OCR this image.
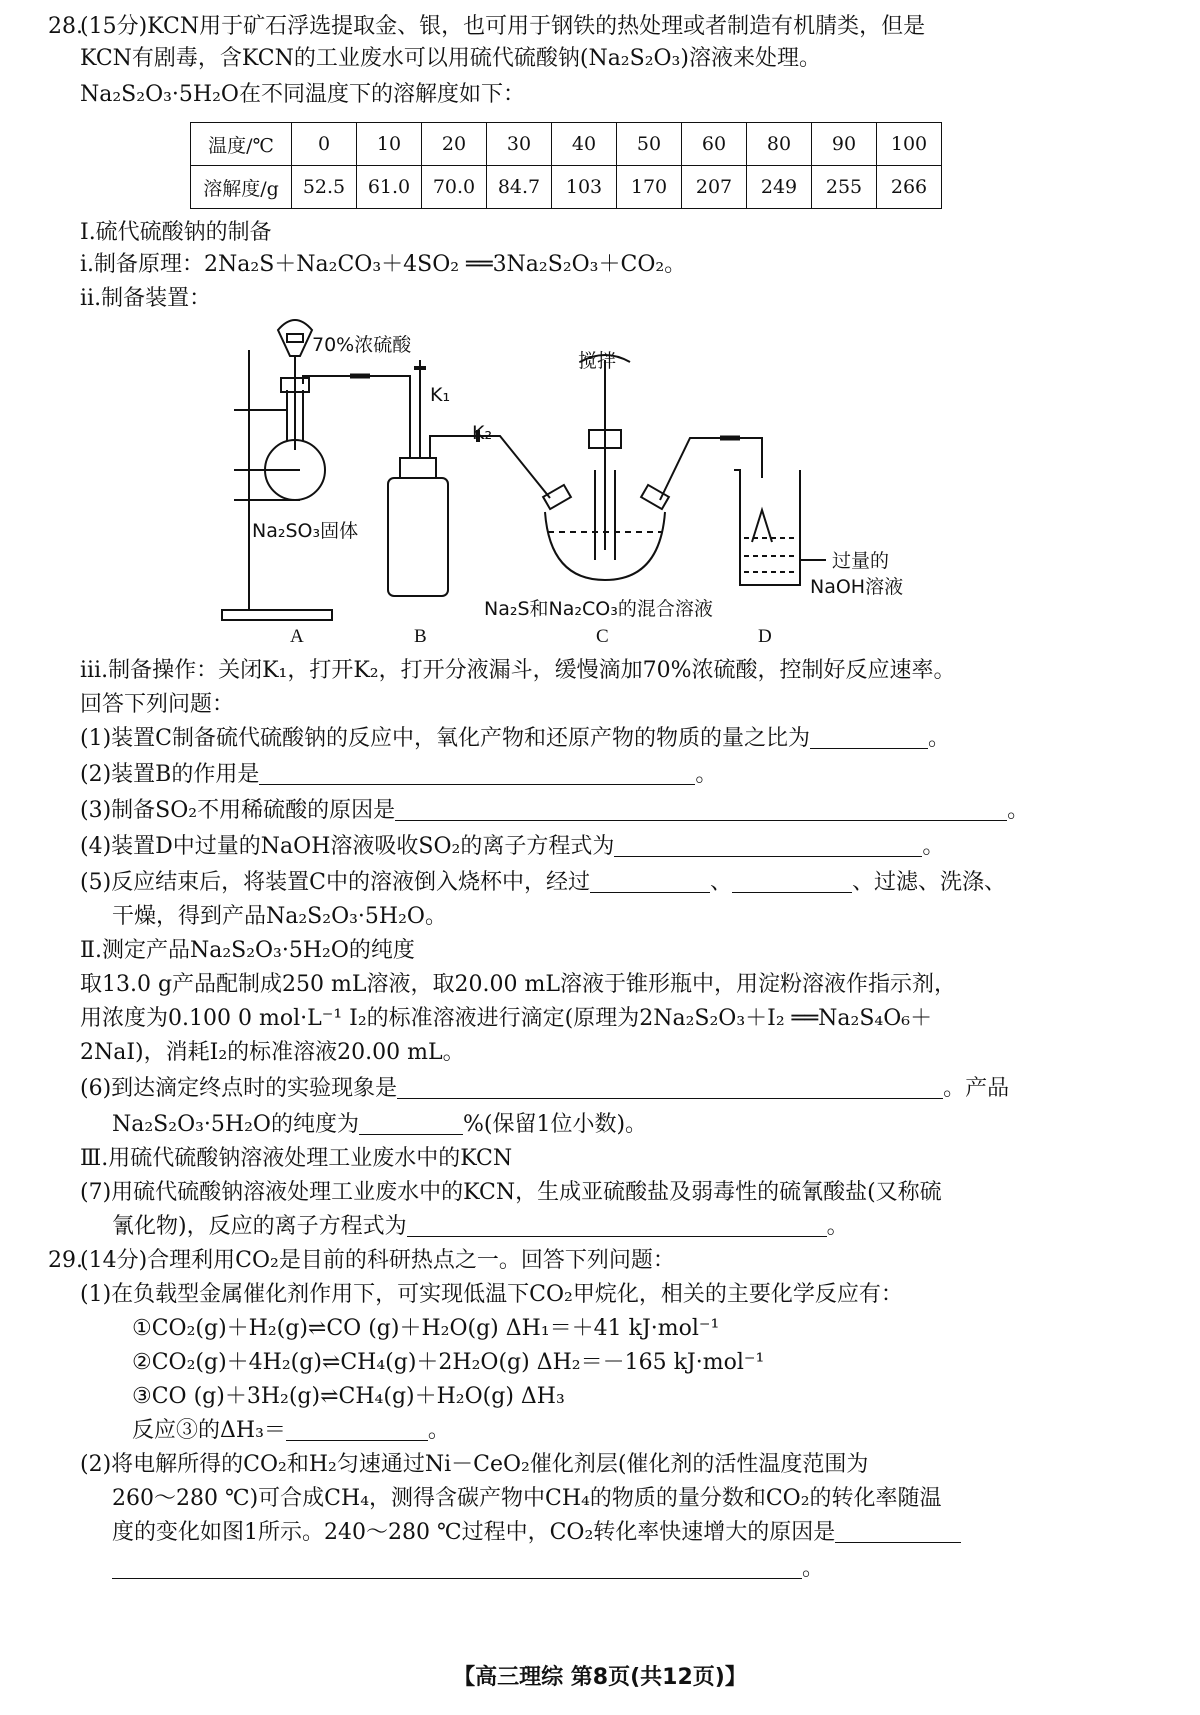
28.
(15分)KCN用于矿石浮选提取金、银，也可用于钢铁的热处理或者制造有机腈类，但是
KCN有剧毒，含KCN的工业废水可以用硫代硫酸钠(Na₂S₂O₃)溶液来处理。
Na₂S₂O₃·5H₂O在不同温度下的溶解度如下：
温度/℃	0	10	20	30	40	50	60	80	90	100
溶解度/g	52.5	61.0	70.0	84.7	103	170	207	249	255	266
Ⅰ.硫代硫酸钠的制备
ⅰ.制备原理：2Na₂S＋Na₂CO₃＋4SO₂ ══3Na₂S₂O₃＋CO₂。
ⅱ.制备装置：
70%浓硫酸
Na₂SO₃固体
K₁
K₂
搅拌
Na₂S和Na₂CO₃的混合溶液
过量的
NaOH溶液
A	B	C	D
ⅲ.制备操作：关闭K₁，打开K₂，打开分液漏斗，缓慢滴加70%浓硫酸，控制好反应速率。
回答下列问题：
(1)装置C制备硫代硫酸钠的反应中，氧化产物和还原产物的物质的量之比为	。
(2)装置B的作用是	。
(3)制备SO₂不用稀硫酸的原因是	。
(4)装置D中过量的NaOH溶液吸收SO₂的离子方程式为	。
(5)反应结束后，将装置C中的溶液倒入烧杯中，经过	、	、过滤、洗涤、
干燥，得到产品Na₂S₂O₃·5H₂O。
Ⅱ.测定产品Na₂S₂O₃·5H₂O的纯度
取13.0 g产品配制成250 mL溶液，取20.00 mL溶液于锥形瓶中，用淀粉溶液作指示剂，
用浓度为0.100 0 mol·L⁻¹ I₂的标准溶液进行滴定(原理为2Na₂S₂O₃＋I₂ ══Na₂S₄O₆＋
2NaI)，消耗I₂的标准溶液20.00 mL。
(6)到达滴定终点时的实验现象是	。产品
Na₂S₂O₃·5H₂O的纯度为	%(保留1位小数)。
Ⅲ.用硫代硫酸钠溶液处理工业废水中的KCN
(7)用硫代硫酸钠溶液处理工业废水中的KCN，生成亚硫酸盐及弱毒性的硫氰酸盐(又称硫
氰化物)，反应的离子方程式为	。
29.
(14分)合理利用CO₂是目前的科研热点之一。回答下列问题：
(1)在负载型金属催化剂作用下，可实现低温下CO₂甲烷化，相关的主要化学反应有：
①CO₂(g)＋H₂(g)⇌CO (g)＋H₂O(g) ΔH₁＝＋41 kJ·mol⁻¹
②CO₂(g)＋4H₂(g)⇌CH₄(g)＋2H₂O(g) ΔH₂＝－165 kJ·mol⁻¹
③CO (g)＋3H₂(g)⇌CH₄(g)＋H₂O(g) ΔH₃
反应③的ΔH₃＝	。
(2)将电解所得的CO₂和H₂匀速通过Ni－CeO₂催化剂层(催化剂的活性温度范围为
260～280 ℃)可合成CH₄，测得含碳产物中CH₄的物质的量分数和CO₂的转化率随温
度的变化如图1所示。240～280 ℃过程中，CO₂转化率快速增大的原因是
。
【高三理综 第8页(共12页)】
